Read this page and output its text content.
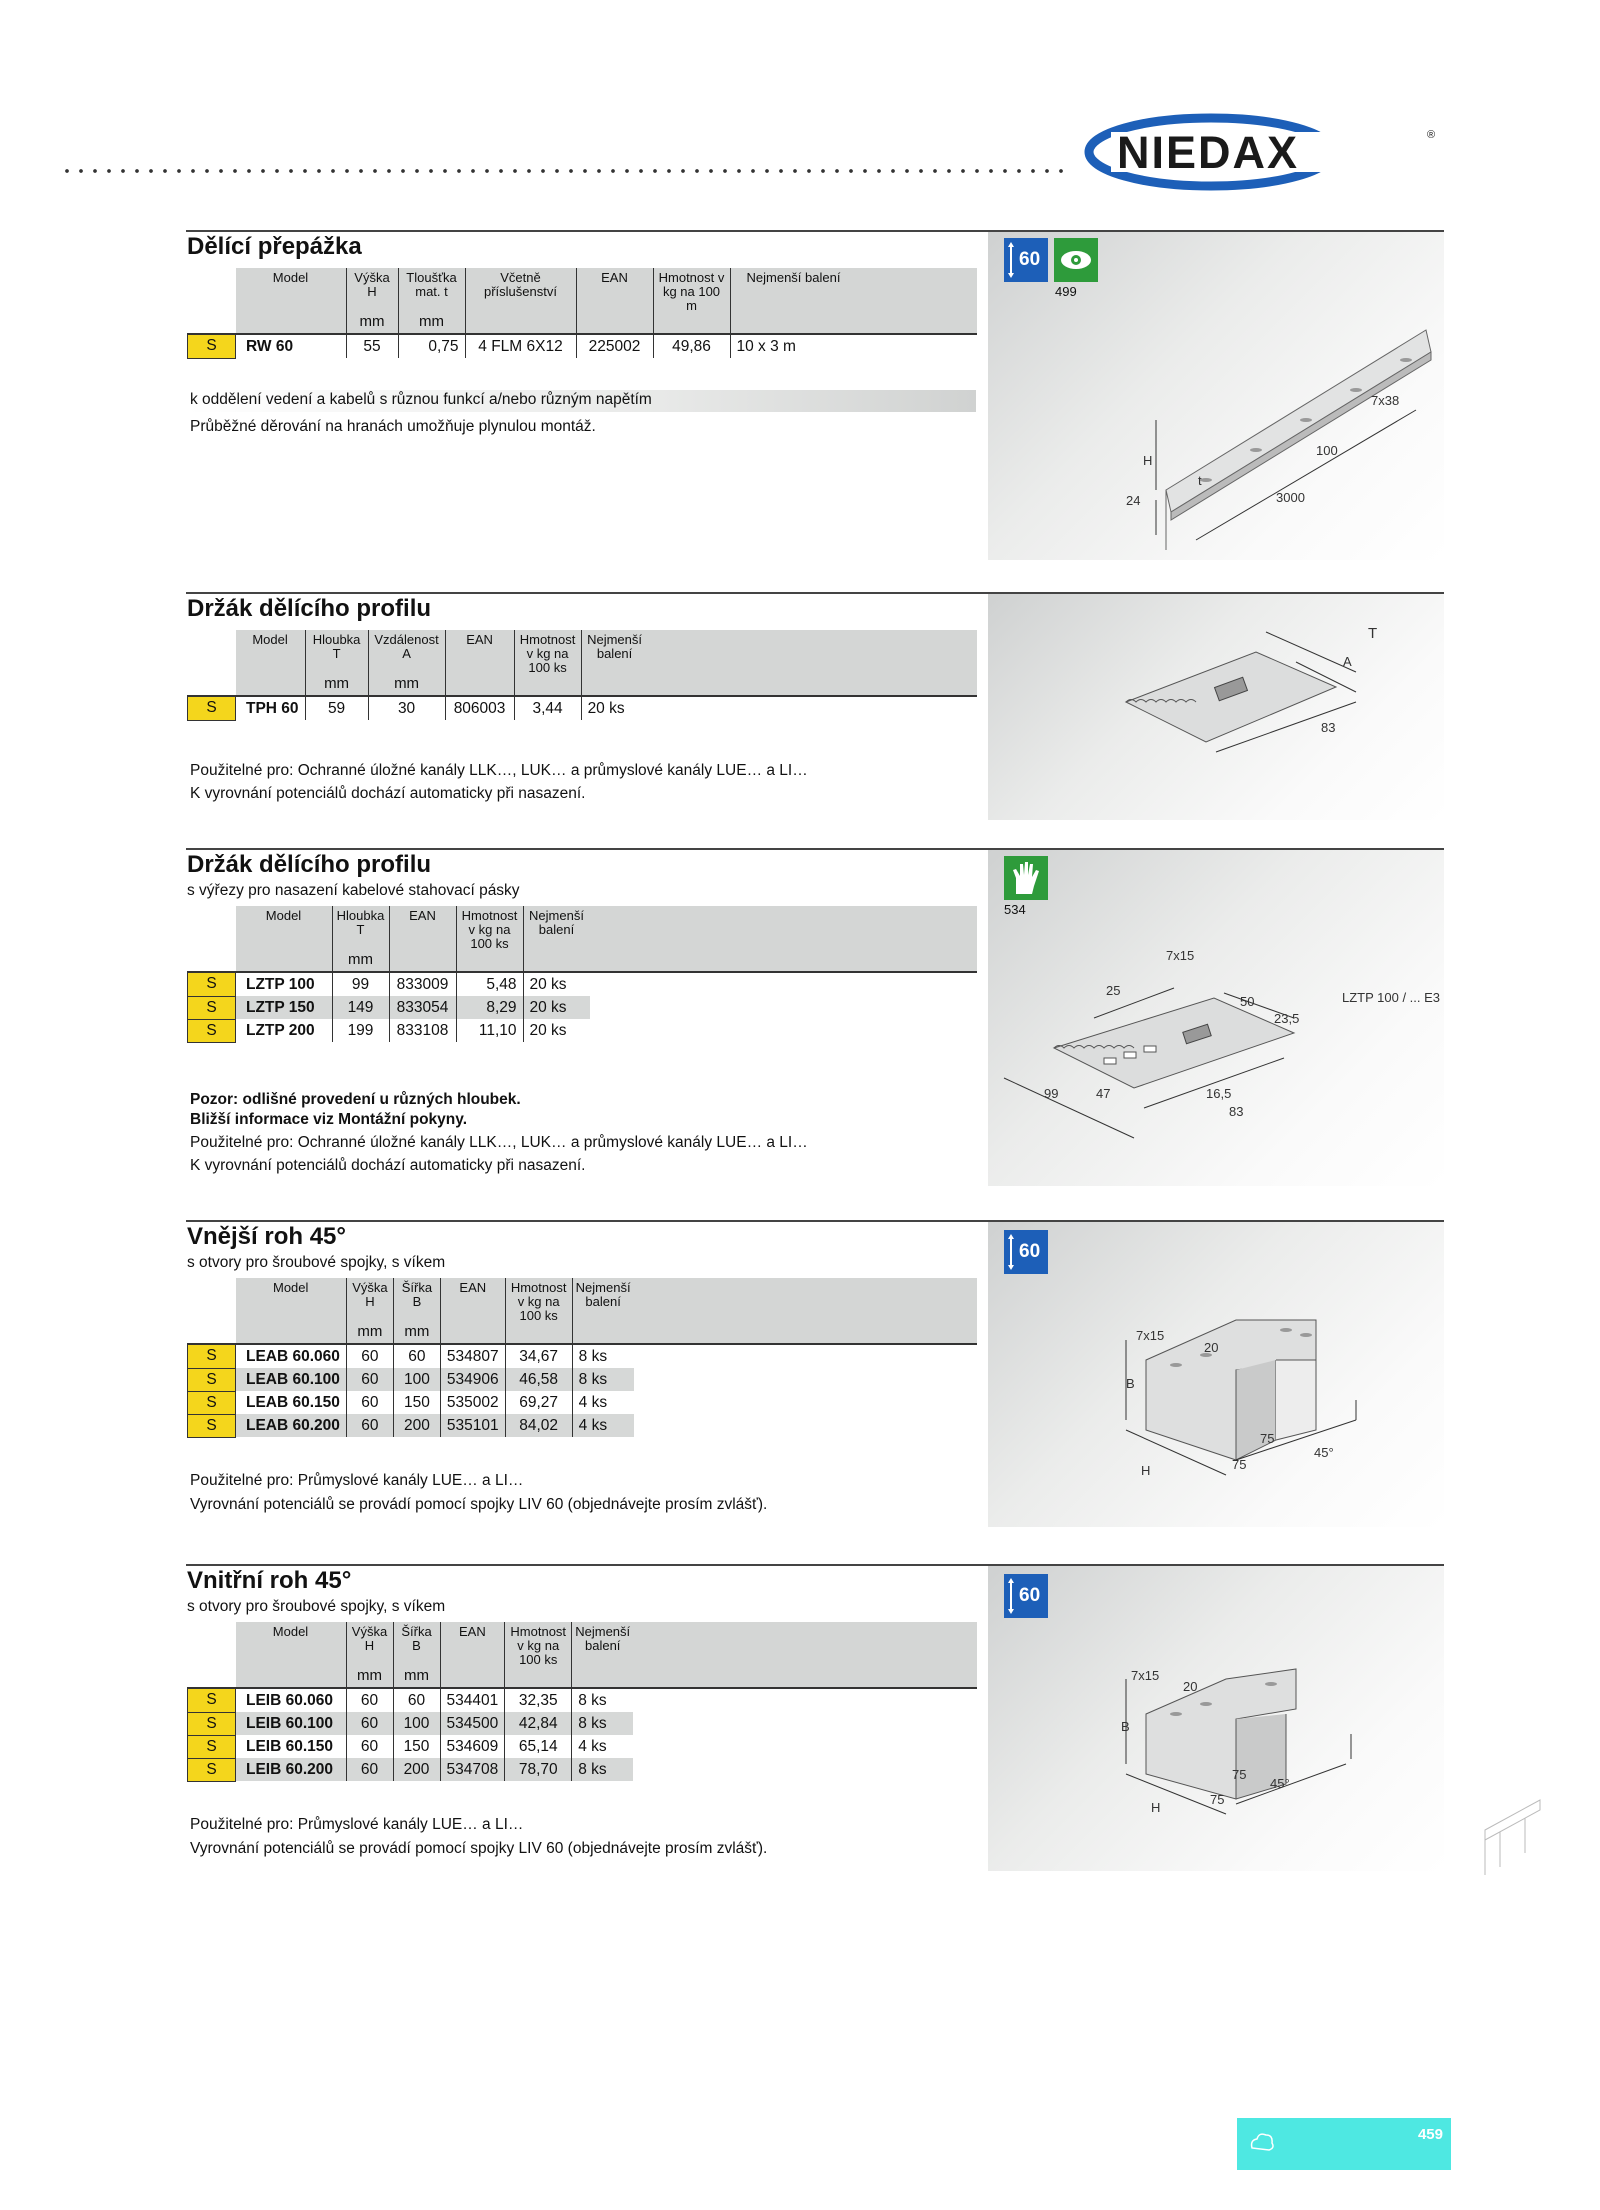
NIEDAX	®
Dělící přepážka
	Model	Výška H	Tloušťka mat. t	Včetně příslušenství	EAN	Hmotnost v kg na 100 m	Nejmenší balení	
		mm	mm					
S	RW 60	55	0,75	4 FLM 6X12	225002	49,86	10 x 3 m	
k oddělení vedení a kabelů s různou funkcí a/nebo různým napětím
Průběžné děrování na hranách umožňuje plynulou montáž.
60
499
7x38
100
H
t
24	3000
Držák dělícího profilu
	Model	Hloubka T	Vzdálenost A	EAN	Hmotnost v kg na 100 ks	Nejmenší balení	
		mm	mm				
S	TPH 60	59	30	806003	3,44	20 ks	
Použitelné pro: Ochranné úložné kanály LLK…, LUK… a průmyslové kanály LUE… a LI…
K vyrovnání potenciálů dochází automaticky při nasazení.
T
A
83
Držák dělícího profilu
s výřezy pro nasazení kabelové stahovací pásky
	Model	Hloubka T	EAN	Hmotnost v kg na 100 ks	Nejmenší balení	
		mm				
S	LZTP 100	99	833009	5,48	20 ks	
S	LZTP 150	149	833054	8,29	20 ks	
S	LZTP 200	199	833108	11,10	20 ks	
Pozor: odlišné provedení u různých hloubek.
Bližší informace viz Montážní pokyny.
Použitelné pro: Ochranné úložné kanály LLK…, LUK… a průmyslové kanály LUE… a LI…
K vyrovnání potenciálů dochází automaticky při nasazení.
534
7x15
25
50
23,5
LZTP 100 / ... E3
99	47	16,5
83
Vnější roh 45°
s otvory pro šroubové spojky, s víkem
	Model	Výška H	Šířka B	EAN	Hmotnost v kg na 100 ks	Nejmenší balení	
		mm	mm				
S	LEAB 60.060	60	60	534807	34,67	8 ks	
S	LEAB 60.100	60	100	534906	46,58	8 ks	
S	LEAB 60.150	60	150	535002	69,27	4 ks	
S	LEAB 60.200	60	200	535101	84,02	4 ks	
Použitelné pro: Průmyslové kanály LUE… a LI…
Vyrovnání potenciálů se provádí pomocí spojky LIV 60 (objednávejte prosím zvlášť).
60
7x15
20
B
H
75
75
45°
Vnitřní roh 45°
s otvory pro šroubové spojky, s víkem
	Model	Výška H	Šířka B	EAN	Hmotnost v kg na 100 ks	Nejmenší balení	
		mm	mm				
S	LEIB 60.060	60	60	534401	32,35	8 ks	
S	LEIB 60.100	60	100	534500	42,84	8 ks	
S	LEIB 60.150	60	150	534609	65,14	4 ks	
S	LEIB 60.200	60	200	534708	78,70	8 ks	
Použitelné pro: Průmyslové kanály LUE… a LI…
Vyrovnání potenciálů se provádí pomocí spojky LIV 60 (objednávejte prosím zvlášť).
60
7x15
20
B
H
75
75
45°
459
